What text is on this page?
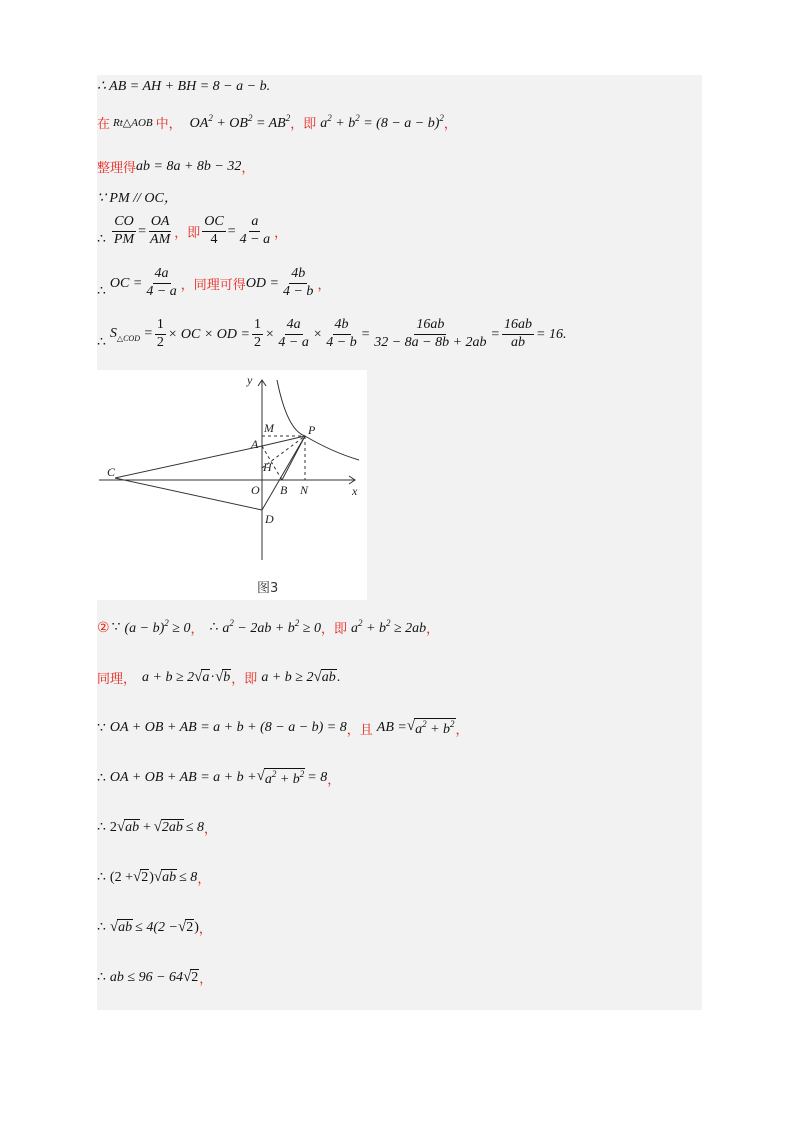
∴ AB = AH + BH = 8 − a − b.
在 Rt△AOB 中， $OA^2 + OB^2 = AB^2$ ，即 $a^2 + b^2 = (8 - a - b)^2$ ，
整理得 ab = 8a + 8b − 32 ，
∵ PM // OC，
∴ $\frac{CO}{PM} = \frac{OA}{AM}$ ，即 $\frac{OC}{4} = \frac{a}{4 - a}$ ，
∴
OC = $\frac{4a}{4 - a}$ ， 同理可得 OD = $\frac{4b}{4 - b}$ ，
∴
$S_{\triangle COD} = \frac{1}{2}$ × OC × OD = $\frac{1}{2} \times \frac{4a}{4 - a} \times \frac{4b}{4 - b} = \frac{16ab}{32 - 8a - 8b + 2ab} = \frac{16ab}{ab} = 16$.
y
x
M	P
A
H
O B N
C
D
图3
② ∵ $(a - b)^2 \ge 0$ ， ∴ $a^2 - 2ab + b^2 \ge 0$ ，即 $a^2 + b^2 \ge 2ab$ ，
同理， a + b ≥ 2 √ a · √ b ，即 a + b ≥ 2 √ ab .
∵ OA + OB + AB = a + b + (8 − a − b) = 8 ，且 AB = √ $a^2 + b^2$ ，
∴ OA + OB + AB = a + b + √ $a^2 + b^2 = 8$ ，
∴ 2 √ ab + √ 2ab ≤ 8 ，
∴ (2 + √ 2 ) √ ab ≤ 8 ，
∴ √ ab ≤ 4(2 − √ 2 ) ，
∴ ab ≤ 96 − 64 √ 2 ，
